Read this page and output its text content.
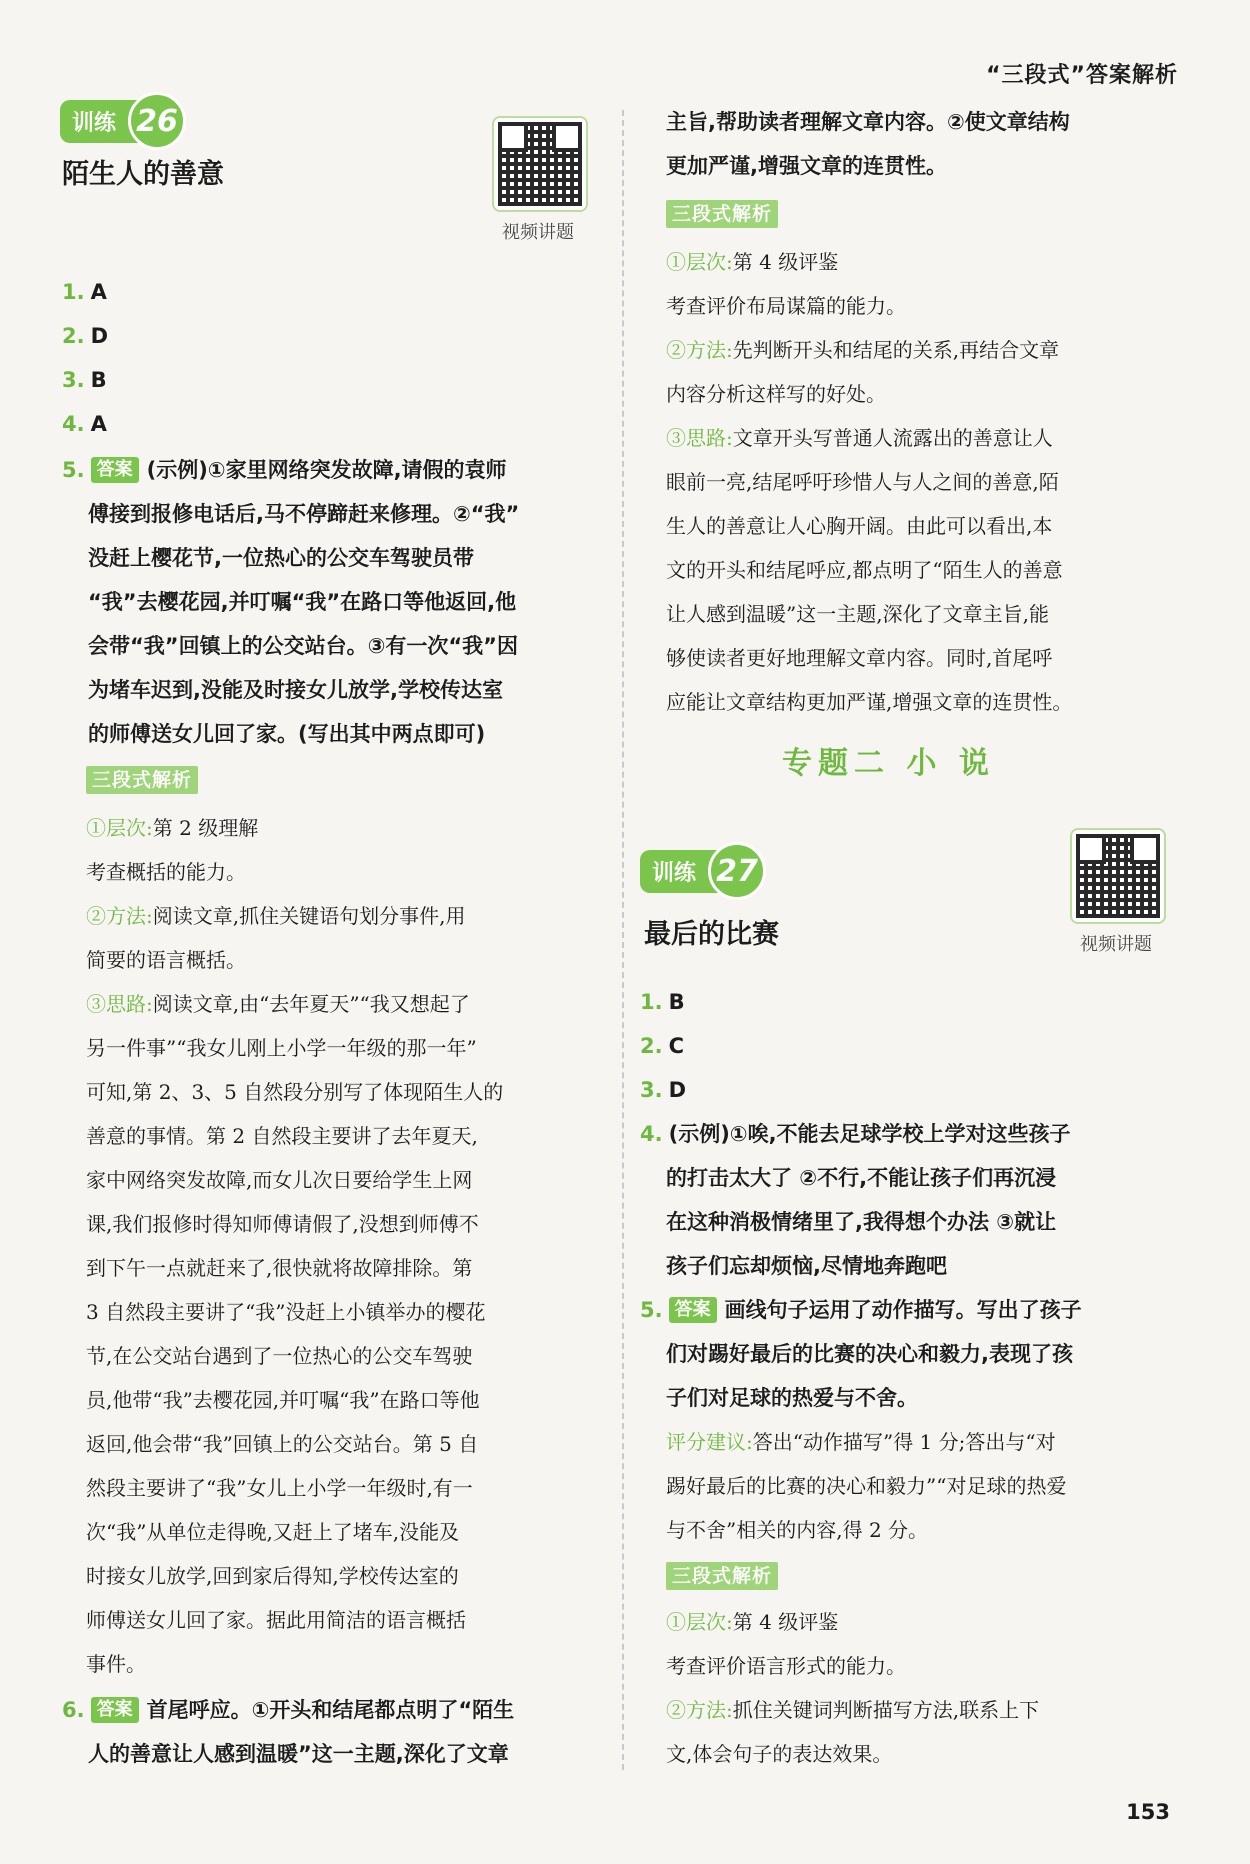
“三段式”答案解析
训练 26
陌生人的善意
视频讲题
1. A
2. D
3. B
4. A
5. 答案 (示例)①家里网络突发故障,请假的袁师
傅接到报修电话后,马不停蹄赶来修理。②“我”
没赶上樱花节,一位热心的公交车驾驶员带
“我”去樱花园,并叮嘱“我”在路口等他返回,他
会带“我”回镇上的公交站台。③有一次“我”因
为堵车迟到,没能及时接女儿放学,学校传达室
的师傅送女儿回了家。(写出其中两点即可)
三段式解析
①层次:第 2 级理解
考查概括的能力。
②方法:阅读文章,抓住关键语句划分事件,用
简要的语言概括。
③思路:阅读文章,由“去年夏天”“我又想起了
另一件事”“我女儿刚上小学一年级的那一年”
可知,第 2、3、5 自然段分别写了体现陌生人的
善意的事情。第 2 自然段主要讲了去年夏天,
家中网络突发故障,而女儿次日要给学生上网
课,我们报修时得知师傅请假了,没想到师傅不
到下午一点就赶来了,很快就将故障排除。第
3 自然段主要讲了“我”没赶上小镇举办的樱花
节,在公交站台遇到了一位热心的公交车驾驶
员,他带“我”去樱花园,并叮嘱“我”在路口等他
返回,他会带“我”回镇上的公交站台。第 5 自
然段主要讲了“我”女儿上小学一年级时,有一
次“我”从单位走得晚,又赶上了堵车,没能及
时接女儿放学,回到家后得知,学校传达室的
师傅送女儿回了家。据此用简洁的语言概括
事件。
6. 答案 首尾呼应。①开头和结尾都点明了“陌生
人的善意让人感到温暖”这一主题,深化了文章
主旨,帮助读者理解文章内容。②使文章结构
更加严谨,增强文章的连贯性。
三段式解析
①层次:第 4 级评鉴
考查评价布局谋篇的能力。
②方法:先判断开头和结尾的关系,再结合文章
内容分析这样写的好处。
③思路:文章开头写普通人流露出的善意让人
眼前一亮,结尾呼吁珍惜人与人之间的善意,陌
生人的善意让人心胸开阔。由此可以看出,本
文的开头和结尾呼应,都点明了“陌生人的善意
让人感到温暖”这一主题,深化了文章主旨,能
够使读者更好地理解文章内容。同时,首尾呼
应能让文章结构更加严谨,增强文章的连贯性。
专题二 小 说
训练 27
最后的比赛	视频讲题
1. B
2. C
3. D
4. (示例)①唉,不能去足球学校上学对这些孩子
的打击太大了 ②不行,不能让孩子们再沉浸
在这种消极情绪里了,我得想个办法 ③就让
孩子们忘却烦恼,尽情地奔跑吧
5. 答案 画线句子运用了动作描写。写出了孩子
们对踢好最后的比赛的决心和毅力,表现了孩
子们对足球的热爱与不舍。
评分建议:答出“动作描写”得 1 分;答出与“对
踢好最后的比赛的决心和毅力”“对足球的热爱
与不舍”相关的内容,得 2 分。
三段式解析
①层次:第 4 级评鉴
考查评价语言形式的能力。
②方法:抓住关键词判断描写方法,联系上下
文,体会句子的表达效果。
153
